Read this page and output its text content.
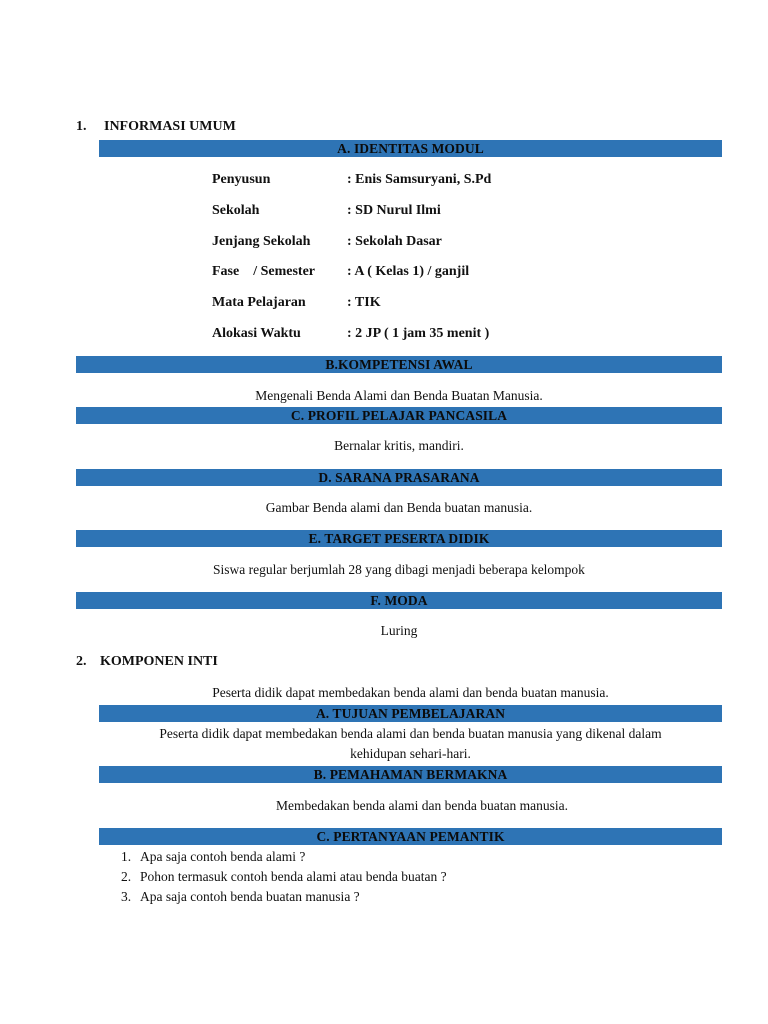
1. INFORMASI UMUM
A. IDENTITAS MODUL
Penyusun	: Enis Samsuryani, S.Pd
Sekolah	: SD Nurul Ilmi
Jenjang Sekolah	: Sekolah Dasar
Fase    / Semester : A ( Kelas 1) / ganjil
Mata Pelajaran	: TIK
Alokasi Waktu	: 2 JP ( 1 jam 35 menit )
B.KOMPETENSI AWAL
Mengenali Benda Alami dan Benda Buatan Manusia.
C. PROFIL PELAJAR PANCASILA
Bernalar kritis, mandiri.
D. SARANA PRASARANA
Gambar Benda alami dan Benda buatan manusia.
E. TARGET PESERTA DIDIK
Siswa regular berjumlah 28 yang dibagi menjadi beberapa kelompok
F. MODA
Luring
2. KOMPONEN INTI
Peserta didik dapat membedakan benda alami dan benda buatan manusia.
A. TUJUAN PEMBELAJARAN
Peserta didik dapat membedakan benda alami dan benda buatan manusia yang dikenal dalam
kehidupan sehari-hari.
B. PEMAHAMAN BERMAKNA
Membedakan benda alami dan benda buatan manusia.
C. PERTANYAAN PEMANTIK
1. Apa saja contoh benda alami ?
2. Pohon termasuk contoh benda alami atau benda buatan ?
3. Apa saja contoh benda buatan manusia ?
